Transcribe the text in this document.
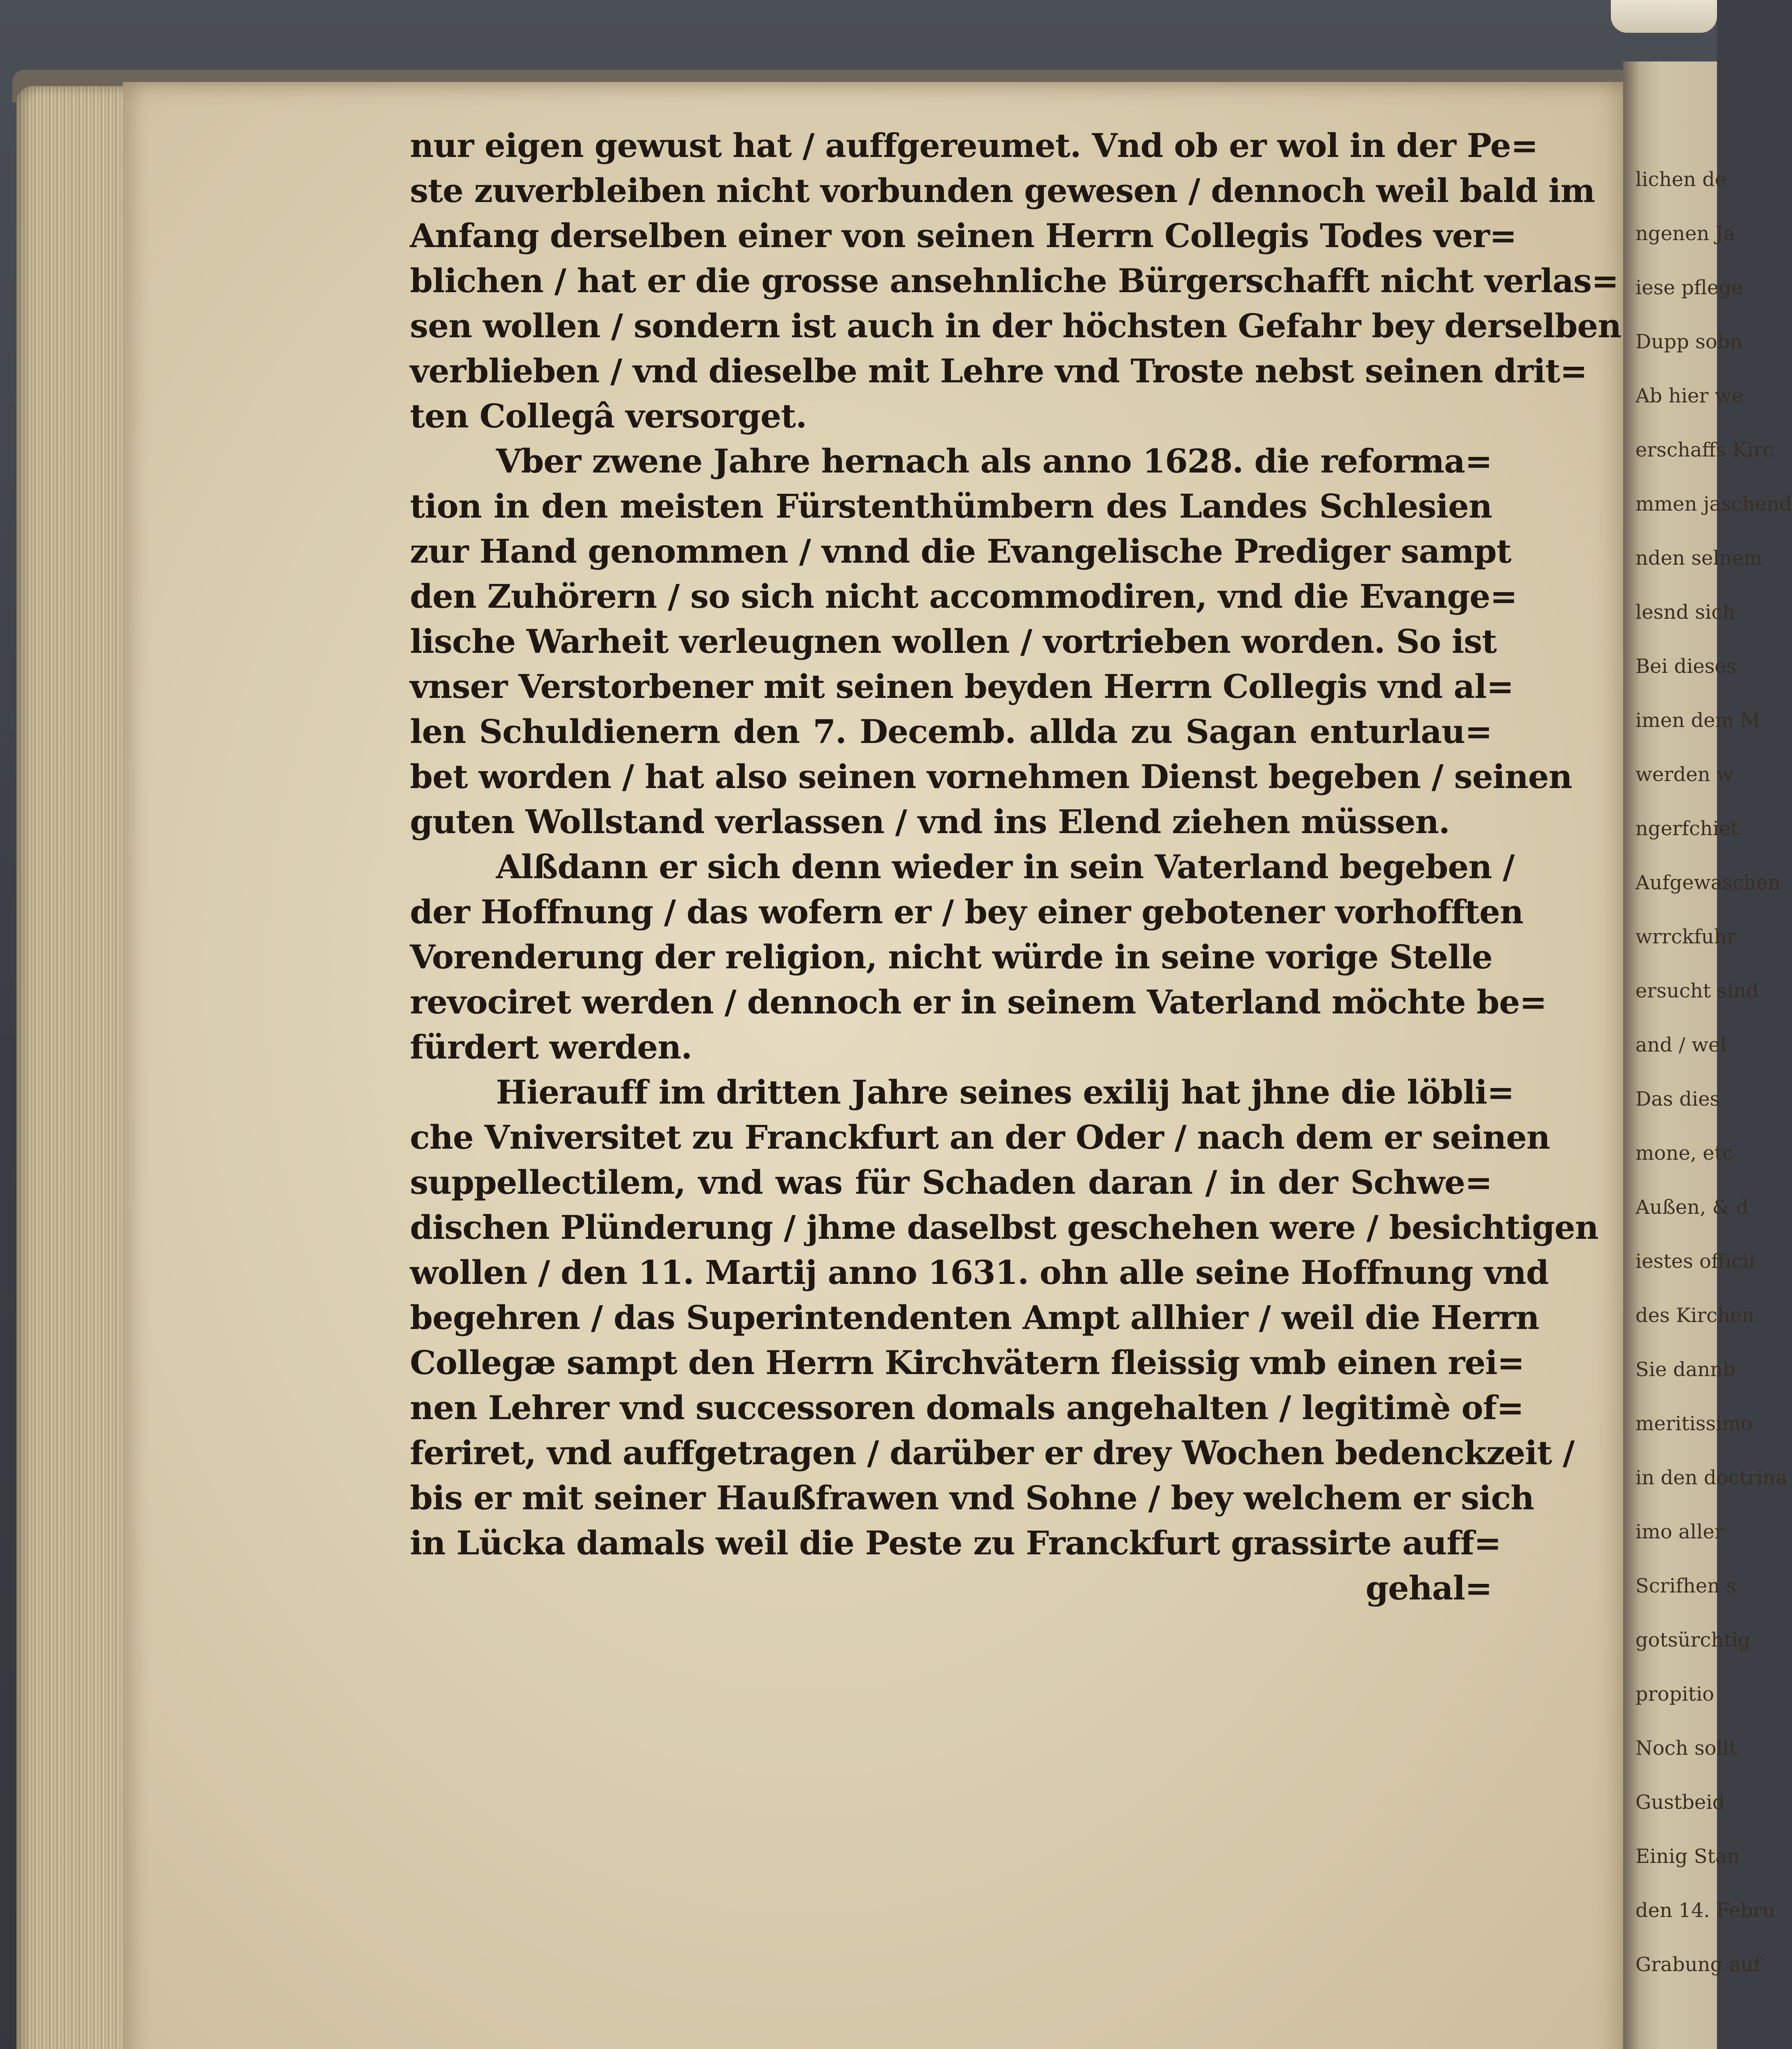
lichen de
ngenen Ja
iese pflege
Dupp sobn
Ab hier we
erschaffs Kirc
mmen jaschend
nden selnem
lesnd sich
Bei dieses
imen dem M
werden w
ngerfchiet
Aufgewaschen
wrrckfuhr
ersucht sind
and / wel
Das dies
mone, etc
Außen, & d
iestes officii
des Kirchen
Sie dannb
meritissimo
in den doctrina
imo aller
Scrifhen s
gotsürchtig
propitio
Noch sollt
Gustbeid
Einig Stan
den 14. Febru
Grabung auf
nur eigen gewust hat / auffgereumet. Vnd ob er wol in der Pe=
ste zuverbleiben nicht vorbunden gewesen / dennoch weil bald im
Anfang derselben einer von seinen Herrn Collegis Todes ver=
blichen / hat er die grosse ansehnliche Bürgerschafft nicht verlas=
sen wollen / sondern ist auch in der höchsten Gefahr bey derselben
verblieben / vnd dieselbe mit Lehre vnd Troste nebst seinen drit=
ten Collegâ versorget.
Vber zwene Jahre hernach als anno 1628. die reforma=
tion in den meisten Fürstenthümbern des Landes Schlesien
zur Hand genommen / vnnd die Evangelische Prediger sampt
den Zuhörern / so sich nicht accommodiren, vnd die Evange=
lische Warheit verleugnen wollen / vortrieben worden. So ist
vnser Verstorbener mit seinen beyden Herrn Collegis vnd al=
len Schuldienern den 7. Decemb. allda zu Sagan enturlau=
bet worden / hat also seinen vornehmen Dienst begeben / seinen
guten Wollstand verlassen / vnd ins Elend ziehen müssen.
Alßdann er sich denn wieder in sein Vaterland begeben /
der Hoffnung / das wofern er / bey einer gebotener vorhofften
Vorenderung der religion, nicht würde in seine vorige Stelle
revociret werden / dennoch er in seinem Vaterland möchte be=
fürdert werden.
Hierauff im dritten Jahre seines exilij hat jhne die löbli=
che Vniversitet zu Franckfurt an der Oder / nach dem er seinen
suppellectilem, vnd was für Schaden daran / in der Schwe=
dischen Plünderung / jhme daselbst geschehen were / besichtigen
wollen / den 11. Martij anno 1631. ohn alle seine Hoffnung vnd
begehren / das Superintendenten Ampt allhier / weil die Herrn
Collegæ sampt den Herrn Kirchvätern fleissig vmb einen rei=
nen Lehrer vnd successoren domals angehalten / legitimè of=
feriret, vnd auffgetragen / darüber er drey Wochen bedenckzeit /
bis er mit seiner Haußfrawen vnd Sohne / bey welchem er sich
in Lücka damals weil die Peste zu Franckfurt grassirte auff=
gehal=
